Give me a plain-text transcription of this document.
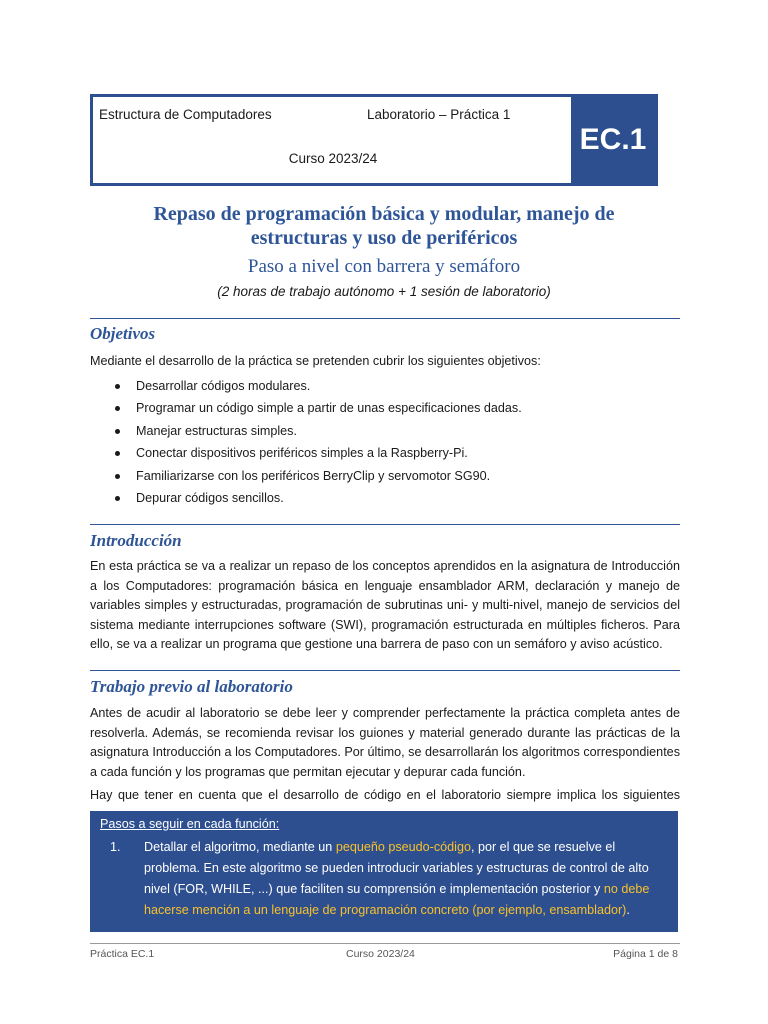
Estructura de Computadores	Laboratorio – Práctica 1
Curso 2023/24
EC.1
Repaso de programación básica y modular, manejo de
estructuras y uso de periféricos
Paso a nivel con barrera y semáforo
(2 horas de trabajo autónomo + 1 sesión de laboratorio)
Objetivos

Mediante el desarrollo de la práctica se pretenden cubrir los siguientes objetivos:

Desarrollar códigos modulares.
Programar un código simple a partir de unas especificaciones dadas.
Manejar estructuras simples.
Conectar dispositivos periféricos simples a la Raspberry-Pi.
Familiarizarse con los periféricos BerryClip y servomotor SG90.
Depurar códigos sencillos.
Introducción

En esta práctica se va a realizar un repaso de los conceptos aprendidos en la asignatura de Introducción a los Computadores: programación básica en lenguaje ensamblador ARM, declaración y manejo de variables simples y estructuradas, programación de subrutinas uni- y multi-nivel, manejo de servicios del sistema mediante interrupciones software (SWI), programación estructurada en múltiples ficheros. Para ello, se va a realizar un programa que gestione una barrera de paso con un semáforo y aviso acústico.

Trabajo previo al laboratorio

Antes de acudir al laboratorio se debe leer y comprender perfectamente la práctica completa antes de resolverla. Además, se recomienda revisar los guiones y material generado durante las prácticas de la asignatura Introducción a los Computadores. Por último, se desarrollarán los algoritmos correspondientes a cada función y los programas que permitan ejecutar y depurar cada función.

Hay que tener en cuenta que el desarrollo de código en el laboratorio siempre implica los siguientes

Pasos a seguir en cada función:
1.	Detallar el algoritmo, mediante un pequeño pseudo-código, por el que se resuelve el problema. En este algoritmo se pueden introducir variables y estructuras de control de alto nivel (FOR, WHILE, ...) que faciliten su comprensión e implementación posterior y no debe hacerse mención a un lenguaje de programación concreto (por ejemplo, ensamblador).
Práctica EC.1	Curso 2023/24	Página 1 de 8
